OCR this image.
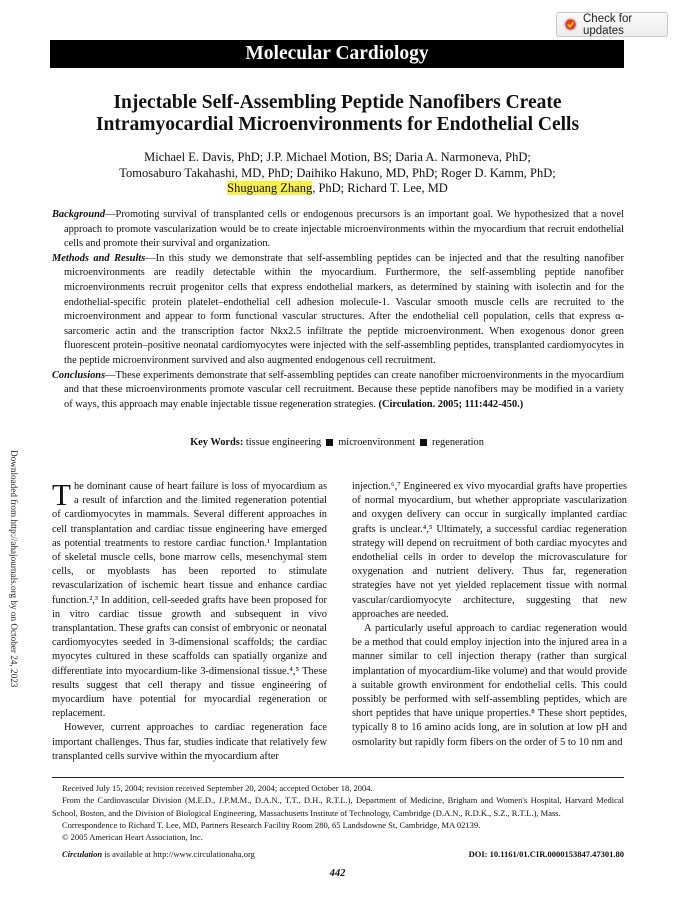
Check for updates
Molecular Cardiology
Injectable Self-Assembling Peptide Nanofibers Create
Intramyocardial Microenvironments for Endothelial Cells
Michael E. Davis, PhD; J.P. Michael Motion, BS; Daria A. Narmoneva, PhD;
Tomosaburo Takahashi, MD, PhD; Daihiko Hakuno, MD, PhD; Roger D. Kamm, PhD;
Shuguang Zhang, PhD; Richard T. Lee, MD

Background—Promoting survival of transplanted cells or endogenous precursors is an important goal. We hypothesized that a novel approach to promote vascularization would be to create injectable microenvironments within the myocardium that recruit endothelial cells and promote their survival and organization.

Methods and Results—In this study we demonstrate that self-assembling peptides can be injected and that the resulting nanofiber microenvironments are readily detectable within the myocardium. Furthermore, the self-assembling peptide nanofiber microenvironments recruit progenitor cells that express endothelial markers, as determined by staining with isolectin and for the endothelial-specific protein platelet–endothelial cell adhesion molecule-1. Vascular smooth muscle cells are recruited to the microenvironment and appear to form functional vascular structures. After the endothelial cell population, cells that express α-sarcomeric actin and the transcription factor Nkx2.5 infiltrate the peptide microenvironment. When exogenous donor green fluorescent protein–positive neonatal cardiomyocytes were injected with the self-assembling peptides, transplanted cardiomyocytes in the peptide microenvironment survived and also augmented endogenous cell recruitment.

Conclusions—These experiments demonstrate that self-assembling peptides can create nanofiber microenvironments in the myocardium and that these microenvironments promote vascular cell recruitment. Because these peptide nanofibers may be modified in a variety of ways, this approach may enable injectable tissue regeneration strategies. (Circulation. 2005; 111:442-450.)

Key Words: tissue engineering microenvironment regeneration
Downloaded from http://ahajournals.org by on October 24, 2023 The dominant cause of heart failure is loss of myocardium as a result of infarction and the limited regeneration potential of cardiomyocytes in mammals. Several different approaches in cell transplantation and cardiac tissue engineering have emerged as potential treatments to restore cardiac function.¹ Implantation of skeletal muscle cells, bone marrow cells, mesenchymal stem cells, or myoblasts has been reported to stimulate revascularization of ischemic heart tissue and enhance cardiac function.²,³ In addition, cell-seeded grafts have been proposed for in vitro cardiac tissue growth and subsequent in vivo transplantation. These grafts can consist of embryonic or neonatal cardiomyocytes seeded in 3-dimensional scaffolds; the cardiac myocytes cultured in these scaffolds can spatially organize and differentiate into myocardium-like 3-dimensional tissue.⁴,⁵ These results suggest that cell therapy and tissue engineering of myocardium have potential for myocardial regeneration or replacement.

However, current approaches to cardiac regeneration face important challenges. Thus far, studies indicate that relatively few transplanted cells survive within the myocardium after

injection.⁶,⁷ Engineered ex vivo myocardial grafts have properties of normal myocardium, but whether appropriate vascularization and oxygen delivery can occur in surgically implanted cardiac grafts is unclear.⁴,⁵ Ultimately, a successful cardiac regeneration strategy will depend on recruitment of both cardiac myocytes and endothelial cells in order to develop the microvasculature for oxygenation and nutrient delivery. Thus far, regeneration strategies have not yet yielded replacement tissue with normal vascular/cardiomyocyte architecture, suggesting that new approaches are needed.

A particularly useful approach to cardiac regeneration would be a method that could employ injection into the injured area in a manner similar to cell injection therapy (rather than surgical implantation of myocardium-like volume) and that would provide a suitable growth environment for endothelial cells. This could possibly be performed with self-assembling peptides, which are short peptides that have unique properties.⁸ These short peptides, typically 8 to 16 amino acids long, are in solution at low pH and osmolarity but rapidly form fibers on the order of 5 to 10 nm and

Received July 15, 2004; revision received September 20, 2004; accepted October 18, 2004.
From the Cardiovascular Division (M.E.D., J.P.M.M., D.A.N., T.T., D.H., R.T.L.), Department of Medicine, Brigham and Women's Hospital, Harvard Medical School, Boston, and the Division of Biological Engineering, Massachusetts Institute of Technology, Cambridge (D.A.N., R.D.K., S.Z., R.T.L.), Mass.
Correspondence to Richard T. Lee, MD, Partners Research Facility Room 280, 65 Landsdowne St, Cambridge, MA 02139.
© 2005 American Heart Association, Inc.
Circulation is available at http://www.circulationaha.org	DOI: 10.1161/01.CIR.0000153847.47301.80
442
